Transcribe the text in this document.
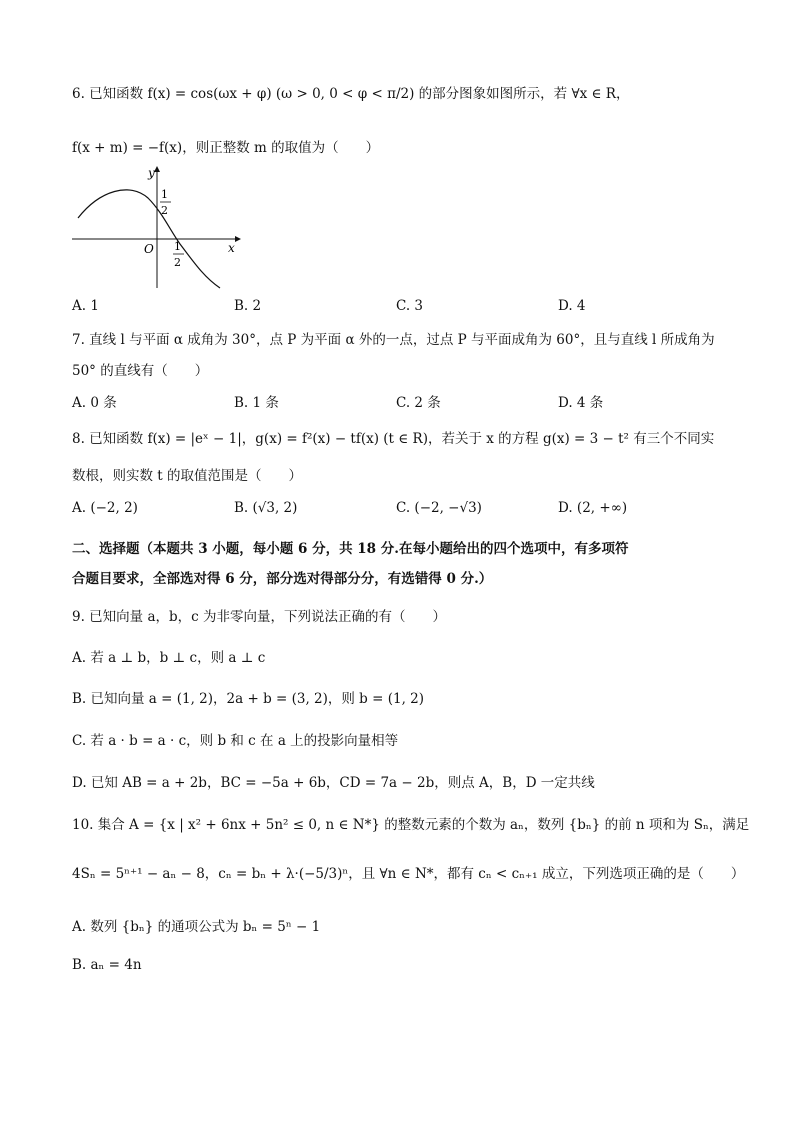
6. 已知函数 f(x) = cos(ωx + φ) (ω > 0, 0 < φ < π/2) 的部分图象如图所示，若 ∀x ∈ R，
f(x + m) = −f(x)，则正整数 m 的取值为（　　）
y
x
O
1
2
1
2
A. 1	B. 2	C. 3	D. 4
7. 直线 l 与平面 α 成角为 30°，点 P 为平面 α 外的一点，过点 P 与平面成角为 60°，且与直线 l 所成角为
50° 的直线有（　　）
A. 0 条	B. 1 条	C. 2 条	D. 4 条
8. 已知函数 f(x) = |eˣ − 1|，g(x) = f²(x) − tf(x) (t ∈ R)，若关于 x 的方程 g(x) = 3 − t² 有三个不同实
数根，则实数 t 的取值范围是（　　）
A. (−2, 2)	B. (√3, 2)	C. (−2, −√3)	D. (2, +∞)
二、选择题（本题共 3 小题，每小题 6 分，共 18 分.在每小题给出的四个选项中，有多项符
合题目要求，全部选对得 6 分，部分选对得部分分，有选错得 0 分.）
9. 已知向量 a，b，c 为非零向量，下列说法正确的有（　　）
A. 若 a ⊥ b，b ⊥ c，则 a ⊥ c
B. 已知向量 a = (1, 2)，2a + b = (3, 2)，则 b = (1, 2)
C. 若 a · b = a · c，则 b 和 c 在 a 上的投影向量相等
D. 已知 AB = a + 2b，BC = −5a + 6b，CD = 7a − 2b，则点 A，B，D 一定共线
10. 集合 A = {x | x² + 6nx + 5n² ≤ 0, n ∈ N*} 的整数元素的个数为 aₙ，数列 {bₙ} 的前 n 项和为 Sₙ，满足
4Sₙ = 5ⁿ⁺¹ − aₙ − 8，cₙ = bₙ + λ·(−5/3)ⁿ，且 ∀n ∈ N*，都有 cₙ < cₙ₊₁ 成立，下列选项正确的是（　　）
A. 数列 {bₙ} 的通项公式为 bₙ = 5ⁿ − 1
B. aₙ = 4n
